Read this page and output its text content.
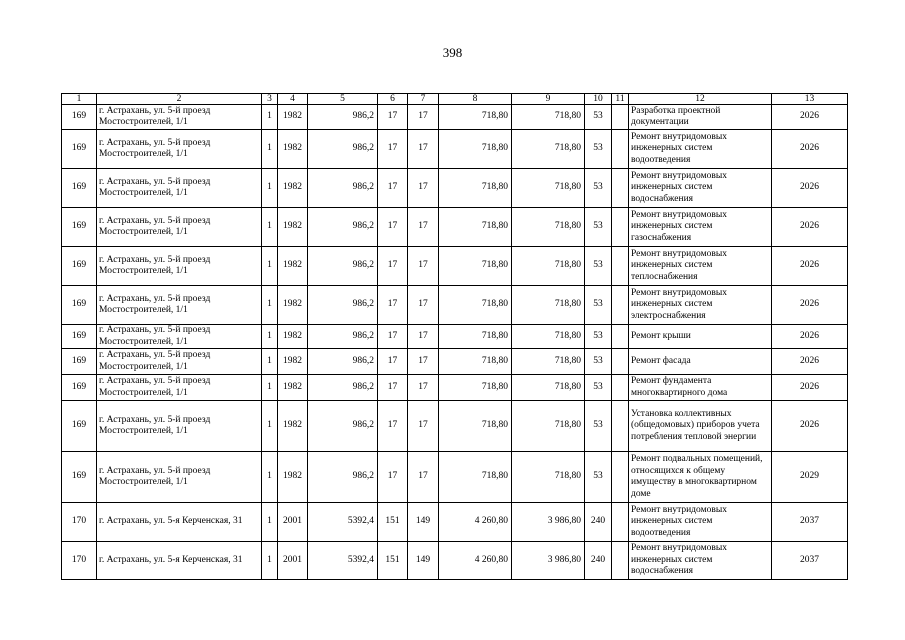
398
1	2	3	4	5	6	7	8	9	10	11	12	13
169	г. Астрахань, ул. 5-й проезд Мостостроителей, 1/1	1	1982	986,2	17	17	718,80	718,80	53		Разработка проектной документации	2026
169	г. Астрахань, ул. 5-й проезд Мостостроителей, 1/1	1	1982	986,2	17	17	718,80	718,80	53		Ремонт внутридомовых инженерных систем водоотведения	2026
169	г. Астрахань, ул. 5-й проезд Мостостроителей, 1/1	1	1982	986,2	17	17	718,80	718,80	53		Ремонт внутридомовых инженерных систем водоснабжения	2026
169	г. Астрахань, ул. 5-й проезд Мостостроителей, 1/1	1	1982	986,2	17	17	718,80	718,80	53		Ремонт внутридомовых инженерных систем газоснабжения	2026
169	г. Астрахань, ул. 5-й проезд Мостостроителей, 1/1	1	1982	986,2	17	17	718,80	718,80	53		Ремонт внутридомовых инженерных систем теплоснабжения	2026
169	г. Астрахань, ул. 5-й проезд Мостостроителей, 1/1	1	1982	986,2	17	17	718,80	718,80	53		Ремонт внутридомовых инженерных систем электроснабжения	2026
169	г. Астрахань, ул. 5-й проезд Мостостроителей, 1/1	1	1982	986,2	17	17	718,80	718,80	53		Ремонт крыши	2026
169	г. Астрахань, ул. 5-й проезд Мостостроителей, 1/1	1	1982	986,2	17	17	718,80	718,80	53		Ремонт фасада	2026
169	г. Астрахань, ул. 5-й проезд Мостостроителей, 1/1	1	1982	986,2	17	17	718,80	718,80	53		Ремонт фундамента многоквартирного дома	2026
169	г. Астрахань, ул. 5-й проезд Мостостроителей, 1/1	1	1982	986,2	17	17	718,80	718,80	53		Установка коллективных (общедомовых) приборов учета потребления тепловой энергии	2026
169	г. Астрахань, ул. 5-й проезд Мостостроителей, 1/1	1	1982	986,2	17	17	718,80	718,80	53		Ремонт подвальных помещений, относящихся к общему имуществу в многоквартирном доме	2029
170	г. Астрахань, ул. 5-я Керченская, 31	1	2001	5392,4	151	149	4 260,80	3 986,80	240		Ремонт внутридомовых инженерных систем водоотведения	2037
170	г. Астрахань, ул. 5-я Керченская, 31	1	2001	5392,4	151	149	4 260,80	3 986,80	240		Ремонт внутридомовых инженерных систем водоснабжения	2037
